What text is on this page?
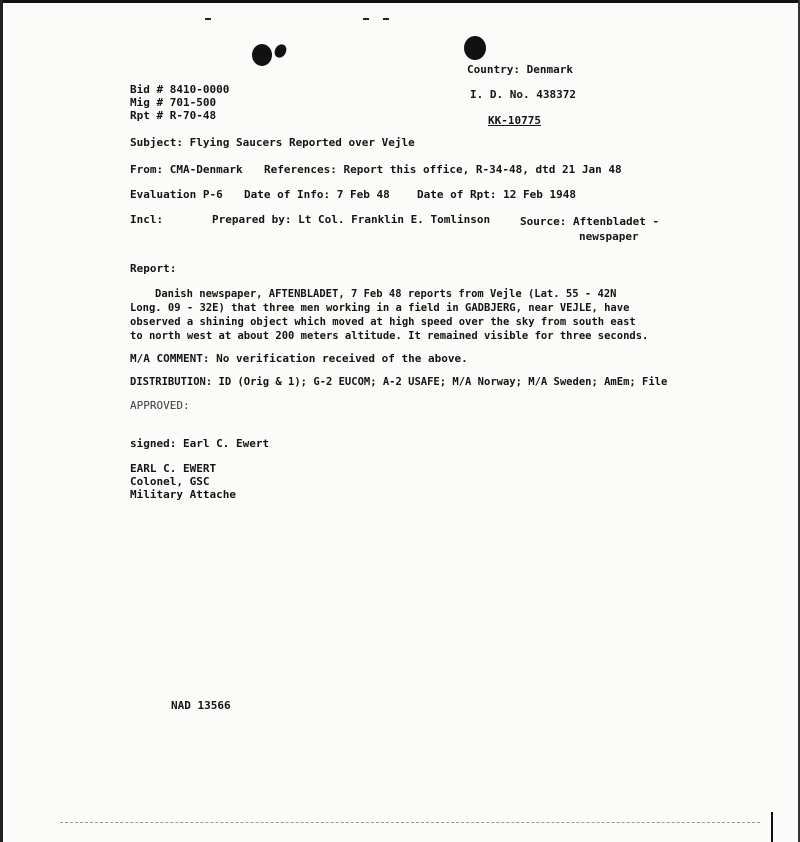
Bid # 8410-0000
Mig # 701-500
Rpt # R-70-48
Country: Denmark
I. D. No. 438372
KK-10775
Subject: Flying Saucers Reported over Vejle
From: CMA-Denmark References: Report this office, R-34-48, dtd 21 Jan 48
Evaluation P-6 Date of Info: 7 Feb 48 Date of Rpt: 12 Feb 1948
Incl:	Prepared by: Lt Col. Franklin E. Tomlinson	Source: Aftenbladet -
newspaper
Report:
Danish newspaper, AFTENBLADET, 7 Feb 48 reports from Vejle (Lat. 55 - 42N
Long. 09 - 32E) that three men working in a field in GADBJERG, near VEJLE, have
observed a shining object which moved at high speed over the sky from south east
to north west at about 200 meters altitude. It remained visible for three seconds.
M/A COMMENT: No verification received of the above.
DISTRIBUTION: ID (Orig & 1); G-2 EUCOM; A-2 USAFE; M/A Norway; M/A Sweden; AmEm; File
APPROVED:
signed: Earl C. Ewert
EARL C. EWERT
Colonel, GSC
Military Attache
NAD 13566
